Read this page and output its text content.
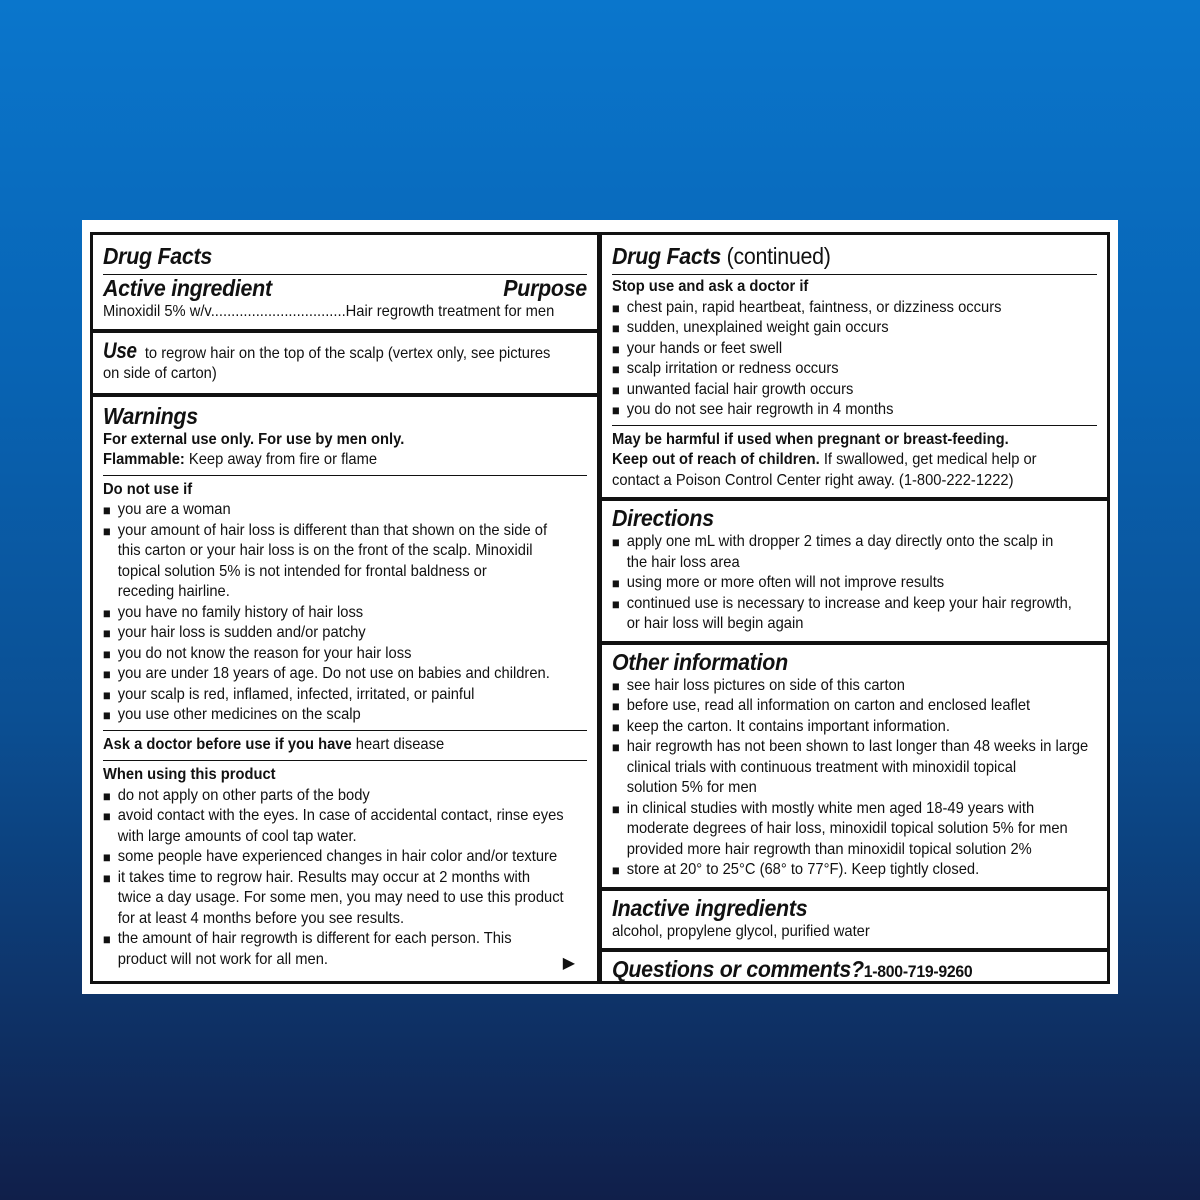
Drug Facts
Active ingredient	Purpose
Minoxidil 5% w/v.................................Hair regrowth treatment for men
Use to regrow hair on the top of the scalp (vertex only, see pictures
on side of carton)
Warnings
For external use only. For use by men only.
Flammable: Keep away from fire or flame
Do not use if
■ you are a woman
■ your amount of hair loss is different than that shown on the side of
this carton or your hair loss is on the front of the scalp. Minoxidil
topical solution 5% is not intended for frontal baldness or
receding hairline.
■ you have no family history of hair loss
■ your hair loss is sudden and/or patchy
■ you do not know the reason for your hair loss
■ you are under 18 years of age. Do not use on babies and children.
■ your scalp is red, inflamed, infected, irritated, or painful
■ you use other medicines on the scalp
Ask a doctor before use if you have heart disease
When using this product
■ do not apply on other parts of the body
■ avoid contact with the eyes. In case of accidental contact, rinse eyes
with large amounts of cool tap water.
■ some people have experienced changes in hair color and/or texture
■ it takes time to regrow hair. Results may occur at 2 months with
twice a day usage. For some men, you may need to use this product
for at least 4 months before you see results.
■ the amount of hair regrowth is different for each person. This
product will not work for all men.	▶
Drug Facts (continued)
Stop use and ask a doctor if
■ chest pain, rapid heartbeat, faintness, or dizziness occurs
■ sudden, unexplained weight gain occurs
■ your hands or feet swell
■ scalp irritation or redness occurs
■ unwanted facial hair growth occurs
■ you do not see hair regrowth in 4 months
May be harmful if used when pregnant or breast-feeding.
Keep out of reach of children. If swallowed, get medical help or
contact a Poison Control Center right away. (1-800-222-1222)
Directions
■ apply one mL with dropper 2 times a day directly onto the scalp in
the hair loss area
■ using more or more often will not improve results
■ continued use is necessary to increase and keep your hair regrowth,
or hair loss will begin again
Other information
■ see hair loss pictures on side of this carton
■ before use, read all information on carton and enclosed leaflet
■ keep the carton. It contains important information.
■ hair regrowth has not been shown to last longer than 48 weeks in large
clinical trials with continuous treatment with minoxidil topical
solution 5% for men
■ in clinical studies with mostly white men aged 18-49 years with
moderate degrees of hair loss, minoxidil topical solution 5% for men
provided more hair regrowth than minoxidil topical solution 2%
■ store at 20° to 25°C (68° to 77°F). Keep tightly closed.
Inactive ingredients
alcohol, propylene glycol, purified water
Questions or comments?1-800-719-9260
